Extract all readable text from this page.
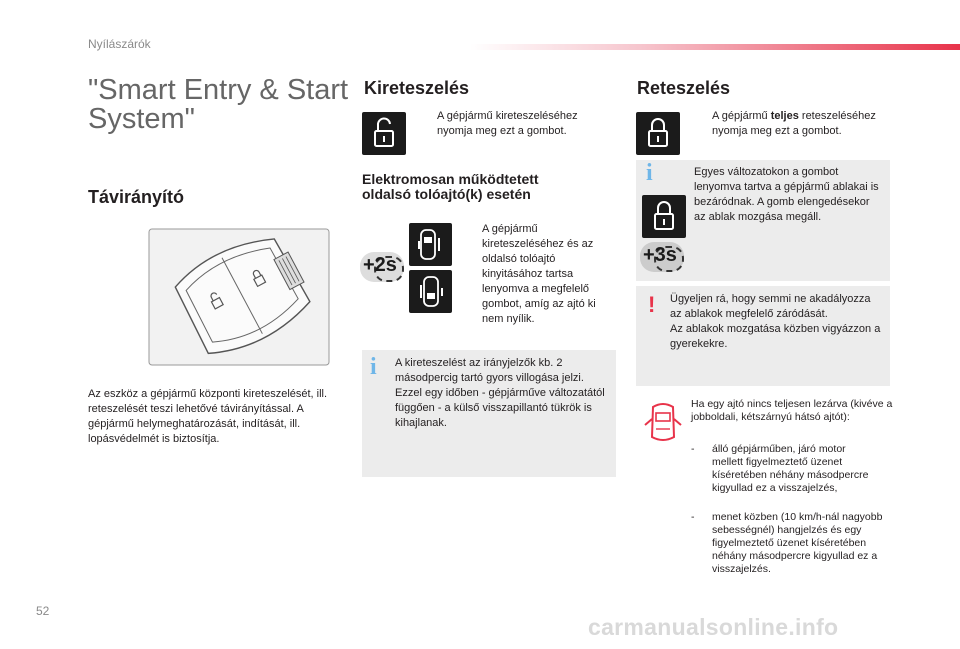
Nyílászárók
"Smart Entry & Start System"
Távirányító
Az eszköz a gépjármű központi kireteszelését, ill. reteszelését teszi lehetővé távirányítással. A gépjármű helymeghatározását, indítását, ill. lopásvédelmét is biztosítja.
Kireteszelés
A gépjármű kireteszeléséhez nyomja meg ezt a gombot.
Elektromosan működtetett
oldalsó tolóajtó(k) esetén
+2s
A gépjármű kireteszeléséhez és az oldalsó tolóajtó kinyitásához tartsa lenyomva a megfelelő gombot, amíg az ajtó ki nem nyílik.
i A kireteszelést az irányjelzők kb. 2 másodpercig tartó gyors villogása jelzi.
Ezzel egy időben - gépjárműve változatától függően - a külső visszapillantó tükrök is kihajlanak.
Reteszelés
A gépjármű teljes reteszeléséhez nyomja meg ezt a gombot.
i
+3s
Egyes változatokon a gombot lenyomva tartva a gépjármű ablakai is bezáródnak. A gomb elengedésekor az ablak mozgása megáll.
! Ügyeljen rá, hogy semmi ne akadályozza az ablakok megfelelő záródását.
Az ablakok mozgatása közben vigyázzon a gyerekekre.
Ha egy ajtó nincs teljesen lezárva (kivéve a jobboldali, kétszárnyú hátsó ajtót):
- álló gépjárműben, járó motor mellett figyelmeztető üzenet kíséretében néhány másodpercre kigyullad ez a visszajelzés,
- menet közben (10 km/h-nál nagyobb sebességnél) hangjelzés és egy figyelmeztető üzenet kíséretében néhány másodpercre kigyullad ez a visszajelzés.
52
carmanualsonline.info
